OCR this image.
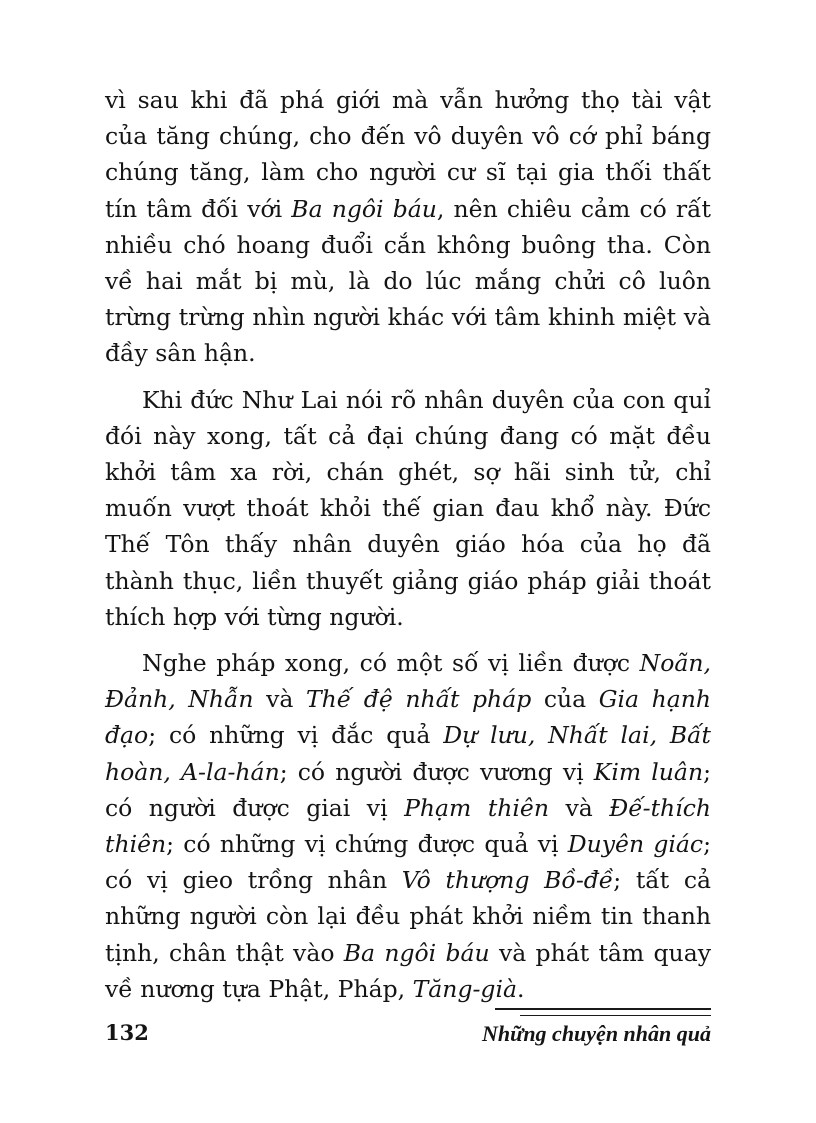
vì sau khi đã phá giới mà vẫn hưởng thọ tài vật của tăng chúng, cho đến vô duyên vô cớ phỉ báng chúng tăng, làm cho người cư sĩ tại gia thối thất tín tâm đối với Ba ngôi báu, nên chiêu cảm có rất nhiều chó hoang đuổi cắn không buông tha. Còn về hai mắt bị mù, là do lúc mắng chửi cô luôn trừng trừng nhìn người khác với tâm khinh miệt và đầy sân hận.

Khi đức Như Lai nói rõ nhân duyên của con quỉ đói này xong, tất cả đại chúng đang có mặt đều khởi tâm xa rời, chán ghét, sợ hãi sinh tử, chỉ muốn vượt thoát khỏi thế gian đau khổ này. Đức Thế Tôn thấy nhân duyên giáo hóa của họ đã thành thục, liền thuyết giảng giáo pháp giải thoát thích hợp với từng người.

Nghe pháp xong, có một số vị liền được Noãn, Đảnh, Nhẫn và Thế đệ nhất pháp của Gia hạnh đạo; có những vị đắc quả Dự lưu, Nhất lai, Bất hoàn, A-la-hán; có người được vương vị Kim luân; có người được giai vị Phạm thiên và Đế-thích thiên; có những vị chứng được quả vị Duyên giác; có vị gieo trồng nhân Vô thượng Bồ-đề; tất cả những người còn lại đều phát khởi niềm tin thanh tịnh, chân thật vào Ba ngôi báu và phát tâm quay về nương tựa Phật, Pháp, Tăng-già.

132	Những chuyện nhân quả
